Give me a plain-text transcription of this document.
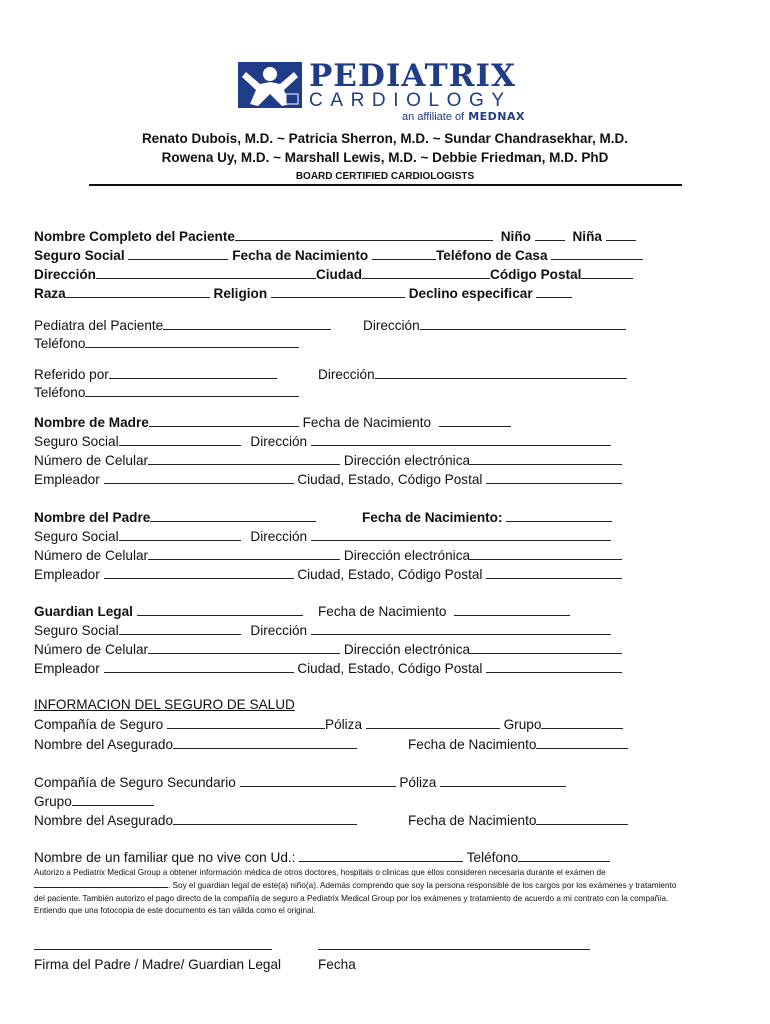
PEDIATRIX
CARDIOLOGY
an affiliate of MEDNAX
Renato Dubois, M.D. ~ Patricia Sherron, M.D. ~ Sundar Chandrasekhar, M.D.
Rowena Uy, M.D. ~ Marshall Lewis, M.D. ~ Debbie Friedman, M.D. PhD
BOARD CERTIFIED CARDIOLOGISTS
Nombre Completo del Paciente	Niño	Niña
Seguro Social	Fecha de Nacimiento	Teléfono de Casa
Dirección	Ciudad	Código Postal
Raza	Religion	Declino especificar
Pediatra del Paciente	Dirección
Teléfono
Referido por	Dirección
Teléfono
Nombre de Madre	Fecha de Nacimiento
Seguro Social	Dirección
Número de Celular	Dirección electrónica
Empleador	Ciudad, Estado, Código Postal
Nombre del Padre	Fecha de Nacimiento:
Seguro Social	Dirección
Número de Celular	Dirección electrónica
Empleador	Ciudad, Estado, Código Postal
Guardian Legal	Fecha de Nacimiento
Seguro Social	Dirección
Número de Celular	Dirección electrónica
Empleador	Ciudad, Estado, Código Postal
INFORMACION DEL SEGURO DE SALUD
Compañía de Seguro	Póliza	Grupo
Nombre del Asegurado	Fecha de Nacimiento
Compañía de Seguro Secundario	Póliza
Grupo
Nombre del Asegurado	Fecha de Nacimiento
Nombre de un familiar que no vive con Ud.:	Teléfono
Autorizo a Pediatrix Medical Group a obtener información médica de otros doctores, hospitals o clinicas que ellos consideren necesaria durante el exámen de . Soy el guardian legal de este(a) niño(a). Además comprendo que soy la persona responsible de los cargos por los exámenes y tratamiento del paciente. También autorizo el pago directo de la compañía de seguro a Pediatrix Medical Group por los exámenes y tratamiento de acuerdo a mi contrato con la compañía. Entiendo que una fotocopia de este documento es tan válida como el original.
Firma del Padre / Madre/ Guardian Legal	Fecha
